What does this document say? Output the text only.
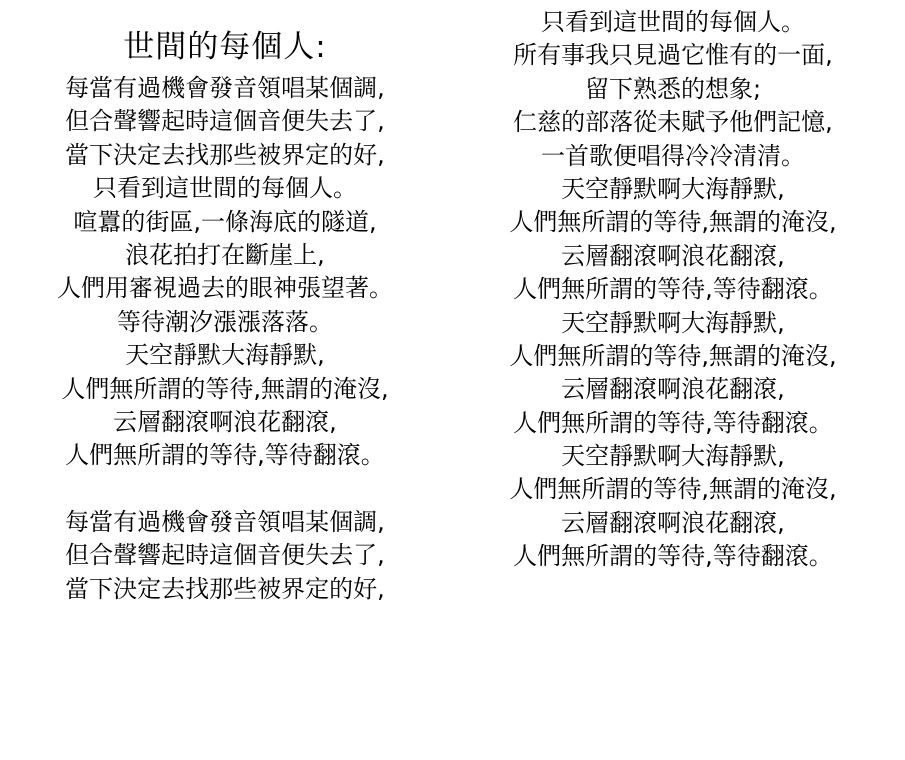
世間的每個人:
每當有過機會發音領唱某個調,
但合聲響起時這個音便失去了,
當下決定去找那些被界定的好,
只看到這世間的每個人。
喧囂的街區,一條海底的隧道,
浪花拍打在斷崖上,
人們用審視過去的眼神張望著。
等待潮汐漲漲落落。
天空靜默大海靜默,
人們無所謂的等待,無謂的淹沒,
云層翻滾啊浪花翻滾,
人們無所謂的等待,等待翻滾。
每當有過機會發音領唱某個調,
但合聲響起時這個音便失去了,
當下決定去找那些被界定的好,
只看到這世間的每個人。
所有事我只見過它惟有的一面,
留下熟悉的想象;
仁慈的部落從未賦予他們記憶,
一首歌便唱得冷冷清清。
天空靜默啊大海靜默,
人們無所謂的等待,無謂的淹沒,
云層翻滾啊浪花翻滾,
人們無所謂的等待,等待翻滾。
天空靜默啊大海靜默,
人們無所謂的等待,無謂的淹沒,
云層翻滾啊浪花翻滾,
人們無所謂的等待,等待翻滾。
天空靜默啊大海靜默,
人們無所謂的等待,無謂的淹沒,
云層翻滾啊浪花翻滾,
人們無所謂的等待,等待翻滾。
